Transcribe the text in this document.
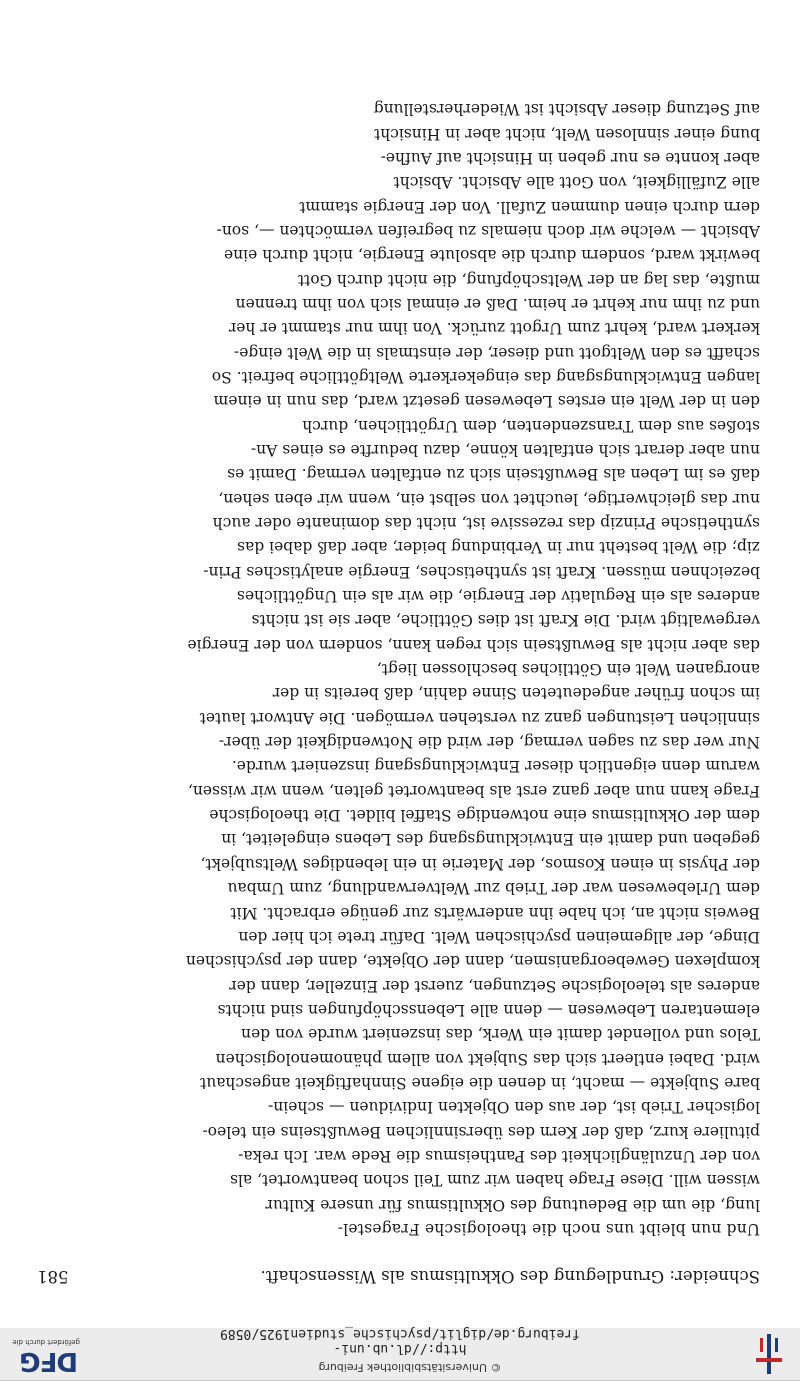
Schneider: Grundlegung des Okkultismus als Wissenschaft.
581
Und nun bleibt uns noch die theologische Fragestel-
lung, die um die Bedeutung des Okkultismus für unsere Kultur
wissen will. Diese Frage haben wir zum Teil schon beantwortet, als
von der Unzulänglichkeit des Pantheismus die Rede war. Ich reka-
pituliere kurz, daß der Kern des übersinnlichen Bewußtseins ein teleo-
logischer Trieb ist, der aus den Objekten Individuen — schein-
bare Subjekte — macht, in denen die eigene Sinnhaftigkeit angeschaut
wird. Dabei entleert sich das Subjekt von allem phänomenologischen
Telos und vollendet damit ein Werk, das inszeniert wurde von den
elementaren Lebewesen — denn alle Lebensschöpfungen sind nichts
anderes als teleologische Setzungen, zuerst der Einzeller, dann der
komplexen Gewebeorganismen, dann der Objekte, dann der psychischen
Dinge, der allgemeinen psychischen Welt. Dafür trete ich hier den
Beweis nicht an, ich habe ihn anderwärts zur genüge erbracht. Mit
dem Urlebewesen war der Trieb zur Weltverwandlung, zum Umbau
der Physis in einen Kosmos, der Materie in ein lebendiges Weltsubjekt,
gegeben und damit ein Entwicklungsgang des Lebens eingeleitet, in
dem der Okkultismus eine notwendige Staffel bildet. Die theologische
Frage kann nun aber ganz erst als beantwortet gelten, wenn wir wissen,
warum denn eigentlich dieser Entwicklungsgang inszeniert wurde.
Nur wer das zu sagen vermag, der wird die Notwendigkeit der über-
sinnlichen Leistungen ganz zu verstehen vermögen. Die Antwort lautet
im schon früher angedeuteten Sinne dahin, daß bereits in der
anorganen Welt ein Göttliches beschlossen liegt,
das aber nicht als Bewußtsein sich regen kann, sondern von der Energie
vergewaltigt wird. Die Kraft ist dies Göttliche, aber sie ist nichts
anderes als ein Regulativ der Energie, die wir als ein Ungöttliches
bezeichnen müssen. Kraft ist synthetisches, Energie analytisches Prin-
zip; die Welt besteht nur in Verbindung beider, aber daß dabei das
synthetische Prinzip das rezessive ist, nicht das dominante oder auch
nur das gleichwertige, leuchtet von selbst ein, wenn wir eben sehen,
daß es im Leben als Bewußtsein sich zu entfalten vermag. Damit es
nun aber derart sich entfalten könne, dazu bedurfte es eines An-
stoßes aus dem Transzendenten, dem Urgöttlichen, durch
den in der Welt ein erstes Lebewesen gesetzt ward, das nun in einem
langen Entwicklungsgang das eingekerkerte Weltgöttliche befreit. So
schafft es den Weltgott und dieser, der einstmals in die Welt einge-
kerkert ward, kehrt zum Urgott zurück. Von ihm nur stammt er her
und zu ihm nur kehrt er heim. Daß er einmal sich von ihm trennen
mußte, das lag an der Weltschöpfung, die nicht durch Gott
bewirkt ward, sondern durch die absolute Energie, nicht durch eine
Absicht — welche wir doch niemals zu begreifen vermöchten —, son-
dern durch einen dummen Zufall. Von der Energie stammt
alle Zufälligkeit, von Gott alle Absicht. Absicht
aber konnte es nur geben in Hinsicht auf Aufhe-
bung einer sinnlosen Welt, nicht aber in Hinsicht
auf Setzung dieser Absicht ist Wiederherstellung
© Universitätsbibliothek Freiburg
http://dl.ub.uni-freiburg.de/diglit/psychische_studien1925/0589
DFG
gefördert durch die
